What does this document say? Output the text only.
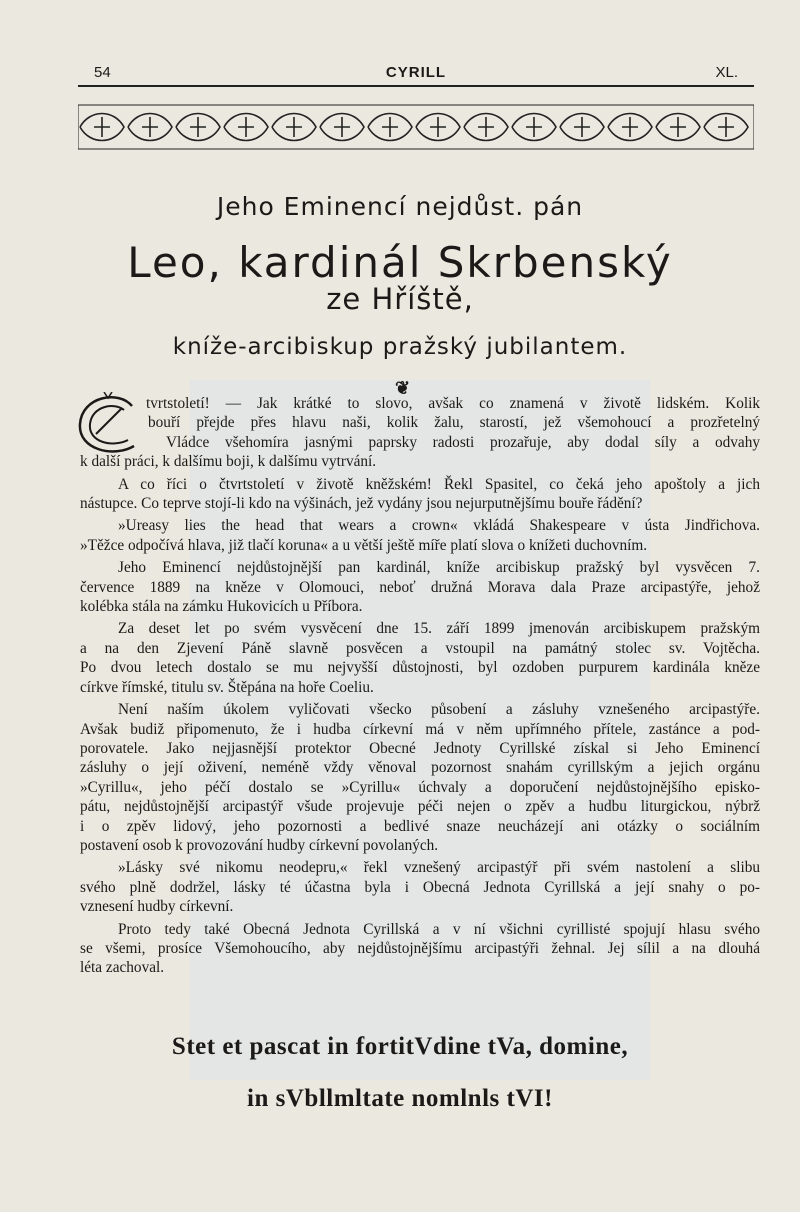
54	CYRILL	XL.
Jeho Eminencí nejdůst. pán
Leo, kardinál Skrbenský
ze Hříště,
kníže-arcibiskup pražský jubilantem.
❦
tvrtstoletí! — Jak krátké to slovo, avšak co znamená v životě lidském. Kolik
bouří přejde přes hlavu naši, kolik žalu, starostí, jež všemohoucí a prozřetelný
Vládce všehomíra jasnými paprsky radosti prozařuje, aby dodal síly a odvahy
k další práci, k dalšímu boji, k dalšímu vytrvání.
A co říci o čtvrtstoletí v životě kněžském! Řekl Spasitel, co čeká jeho apoštoly a jich
nástupce. Co teprve stojí-li kdo na výšinách, jež vydány jsou nejurputnějšímu bouře řádění?
»Ureasy lies the head that wears a crown« vkládá Shakespeare v ústa Jindřichova.
»Těžce odpočívá hlava, již tlačí koruna« a u větší ještě míře platí slova o knížeti duchovním.
Jeho Eminencí nejdůstojnější pan kardinál, kníže arcibiskup pražský byl vysvěcen 7.
července 1889 na kněze v Olomouci, neboť družná Morava dala Praze arcipastýře, jehož
kolébka stála na zámku Hukovicích u Příbora.
Za deset let po svém vysvěcení dne 15. září 1899 jmenován arcibiskupem pražským
a na den Zjevení Páně slavně posvěcen a vstoupil na památný stolec sv. Vojtěcha.
Po dvou letech dostalo se mu nejvyšší důstojnosti, byl ozdoben purpurem kardinála kněze
církve římské, titulu sv. Štěpána na hoře Coeliu.
Není naším úkolem vyličovati všecko působení a zásluhy vznešeného arcipastýře.
Avšak budiž připomenuto, že i hudba církevní má v něm upřímného přítele, zastánce a pod-
porovatele. Jako nejjasnější protektor Obecné Jednoty Cyrillské získal si Jeho Eminencí
zásluhy o její oživení, neméně vždy věnoval pozornost snahám cyrillským a jejich orgánu
»Cyrillu«, jeho péčí dostalo se »Cyrillu« úchvaly a doporučení nejdůstojnějšího episko-
pátu, nejdůstojnější arcipastýř všude projevuje péči nejen o zpěv a hudbu liturgickou, nýbrž
i o zpěv lidový, jeho pozornosti a bedlivé snaze neucházejí ani otázky o sociálním
postavení osob k provozování hudby církevní povolaných.
»Lásky své nikomu neodepru,« řekl vznešený arcipastýř při svém nastolení a slibu
svého plně dodržel, lásky té účastna byla i Obecná Jednota Cyrillská a její snahy o po-
vznesení hudby církevní.
Proto tedy také Obecná Jednota Cyrillská a v ní všichni cyrillisté spojují hlasu svého
se všemi, prosíce Všemohoucího, aby nejdůstojnějšímu arcipastýři žehnal. Jej sílil a na dlouhá
léta zachoval.
Stet et pascat in fortitVdine tVa, domine,
in sVbllmltate nomlnls tVI!
